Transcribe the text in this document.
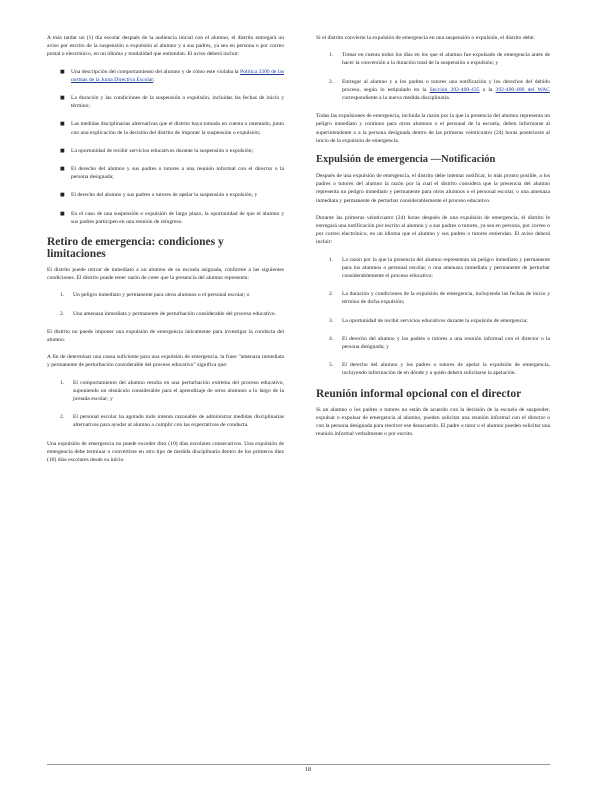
A más tardar un (1) día escolar después de la audiencia inicial con el alumno, el distrito entregará un aviso por escrito de la suspensión o expulsión al alumno y a sus padres, ya sea en persona o por correo postal o electrónico, en un idioma y modalidad que entiendan. El aviso deberá incluir:

■ Una descripción del comportamiento del alumno y de cómo este violaba la Política 3300 de las normas de la Junta Directiva Escolar;
■ La duración y las condiciones de la suspensión o expulsión, incluidas las fechas de inicio y término;
■ Las medidas disciplinarias alternativas que el distrito haya tomado en cuenta o intentado, junto con una explicación de la decisión del distrito de imponer la suspensión o expulsión;
■ La oportunidad de recibir servicios educativos durante la suspensión o expulsión;
■ El derecho del alumno y sus padres o tutores a una reunión informal con el director o la persona designada;
■ El derecho del alumno y sus padres o tutores de apelar la suspensión o expulsión; y
■ En el caso de una suspensión o expulsión de largo plazo, la oportunidad de que el alumno y sus padres participen en una reunión de reingreso.
Retiro de emergencia: condiciones y limitaciones

El distrito puede retirar de inmediato a un alumno de su escuela asignada, conforme a las siguientes condiciones. El distrito puede tener razón de creer que la presencia del alumno representa:

1. Un peligro inmediato y permanente para otros alumnos o el personal escolar; o
2. Una amenaza inmediata y permanente de perturbación considerable del proceso educativo.

El distrito no puede imponer una expulsión de emergencia únicamente para investigar la conducta del alumno.

A fin de determinar una causa suficiente para una expulsión de emergencia, la frase "amenaza inmediata y permanente de perturbación considerable del proceso educativo" significa que:

1. El comportamiento del alumno resulta en una perturbación extrema del proceso educativo, suponiendo un obstáculo considerable para el aprendizaje de otros alumnos a lo largo de la jornada escolar; y
2. El personal escolar ha agotado todo intento razonable de administrar medidas disciplinarias alternativas para ayudar al alumno a cumplir con las expectativas de conducta.

Una expulsión de emergencia no puede exceder diez (10) días escolares consecutivos. Una expulsión de emergencia debe terminar o convertirse en otro tipo de medida disciplinaria dentro de los primeros diez (10) días escolares desde su inicio.

Si el distrito convierte la expulsión de emergencia en una suspensión o expulsión, el distrito debe:

1. Tomar en cuenta todos los días en los que el alumno fue expulsado de emergencia antes de hacer la conversión a la duración total de la suspensión o expulsión; y
2. Entregar al alumno y a los padres o tutores una notificación y los derechos del debido proceso, según lo estipulado en la Sección 392-400-435 a la 392-400-480 del WAC correspondiente a la nueva medida disciplinaria.

Todas las expulsiones de emergencia, incluida la razón por la que la presencia del alumno representa un peligro inmediato y continuo para otros alumnos o el personal de la escuela, deben informarse al superintendente o a la persona designada dentro de las primeras veinticuatro (24) horas posteriores al inicio de la expulsión de emergencia.

Expulsión de emergencia —Notificación

Después de una expulsión de emergencia, el distrito debe intentar notificar, lo más pronto posible, a los padres o tutores del alumno la razón por la cual el distrito considera que la presencia del alumno representa un peligro inmediato y permanente para otros alumnos o el personal escolar, o una amenaza inmediata y permanente de perturbar considerablemente el proceso educativo.

Durante las primeras veinticuatro (24) horas después de una expulsión de emergencia, el distrito le entregará una notificación por escrito al alumno y a sus padres o tutores, ya sea en persona, por correo o por correo electrónico, en un idioma que el alumno y sus padres o tutores entiendan. El aviso deberá incluir:

1. La razón por la que la presencia del alumno representan un peligro inmediato y permanente para los alumnos o personal escolar, o una amenaza inmediata y permanente de perturbar considerablemente el proceso educativo;
2. La duración y condiciones de la expulsión de emergencia, incluyendo las fechas de inicio y término de dicha expulsión;
3. La oportunidad de recibir servicios educativos durante la expulsión de emergencia;
4. El derecho del alumno y los padres o tutores a una reunión informal con el director o la persona designada; y
5. El derecho del alumno y los padres o tutores de apelar la expulsión de emergencia, incluyendo información de en dónde y a quién deberá solicitarse la apelación.
Reunión informal opcional con el director

Si un alumno o los padres o tutores no están de acuerdo con la decisión de la escuela de suspender, expulsar o expulsar de emergencia al alumno, pueden solicitar una reunión informal con el director o con la persona designada para resolver ese desacuerdo. El padre o tutor o el alumno pueden solicitar una reunión informal verbalmente o por escrito.

18
